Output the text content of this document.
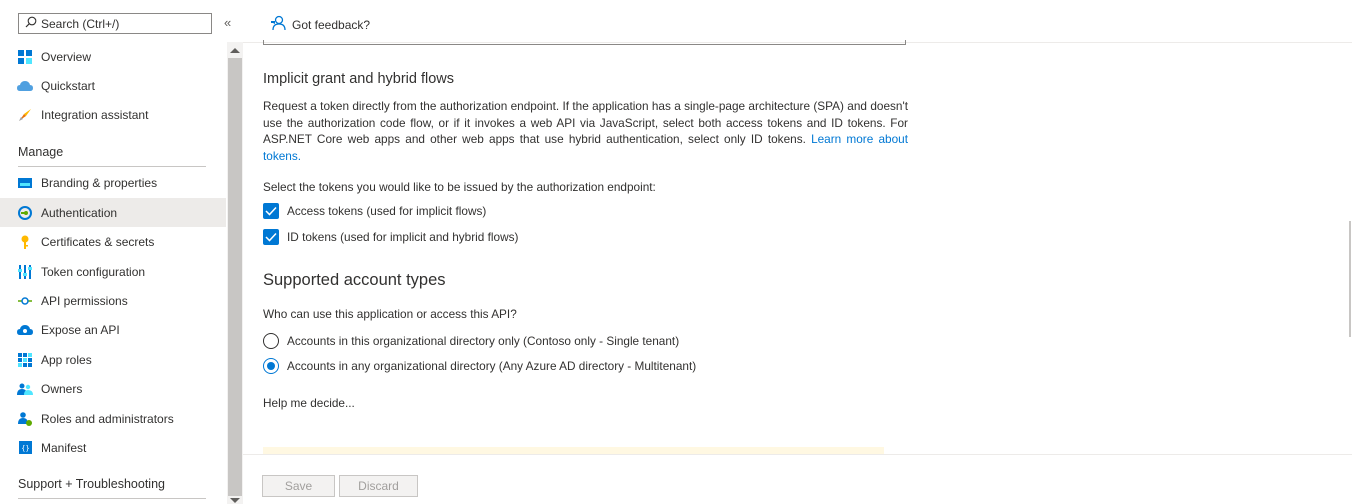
Search (Ctrl+/)	«
Overview
Quickstart
Integration assistant
Manage
Branding & properties
Authentication
Certificates & secrets
Token configuration
API permissions
Expose an API
App roles
Owners
Roles and administrators
{} Manifest
Support + Troubleshooting
Got feedback?
Implicit grant and hybrid flows
Request a token directly from the authorization endpoint. If the application has a single-page architecture (SPA) and doesn't use the authorization code flow, or if it invokes a web API via JavaScript, select both access tokens and ID tokens. For ASP.NET Core web apps and other web apps that use hybrid authentication, select only ID tokens. Learn more about tokens.
Select the tokens you would like to be issued by the authorization endpoint:
Access tokens (used for implicit flows)
ID tokens (used for implicit and hybrid flows)
Supported account types
Who can use this application or access this API?
Accounts in this organizational directory only (Contoso only - Single tenant)
Accounts in any organizational directory (Any Azure AD directory - Multitenant)
Help me decide...
Save	Discard
